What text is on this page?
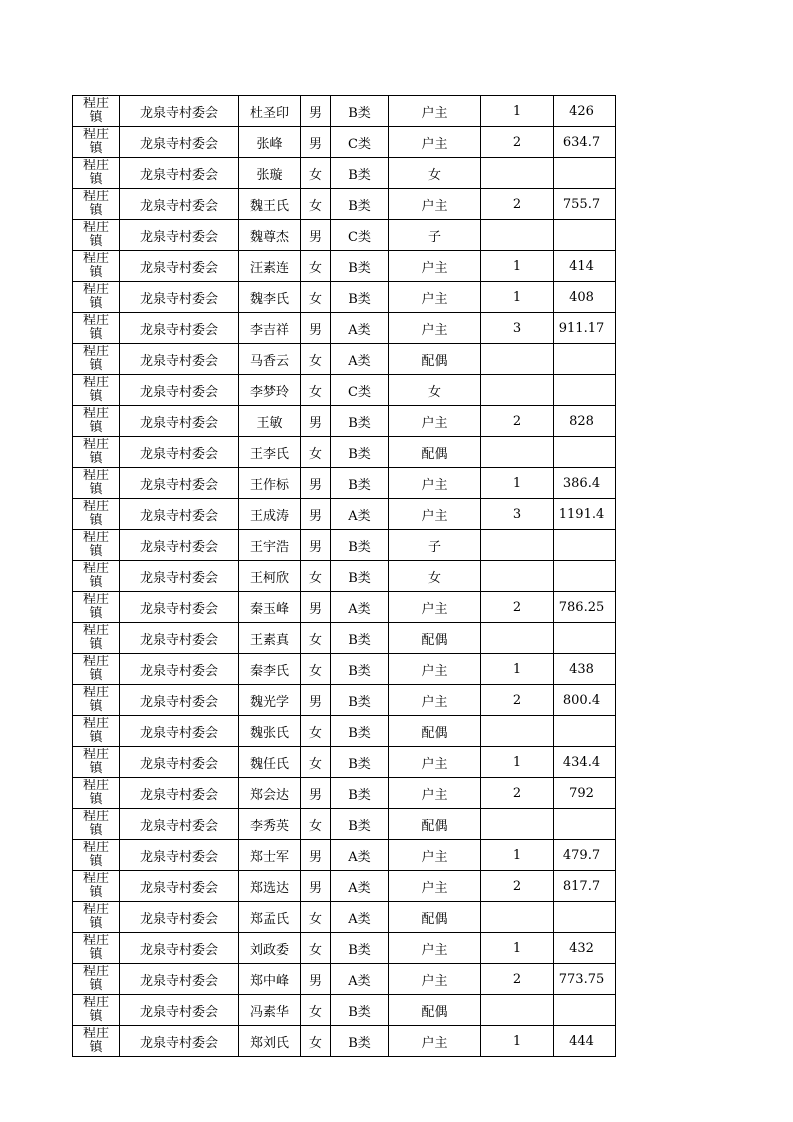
程庄镇	龙泉寺村委会	杜圣印	男	B类	户主	1	426

程庄镇	龙泉寺村委会	张峰	男	C类	户主	2	634.7

程庄镇	龙泉寺村委会	张璇	女	B类	女		

程庄镇	龙泉寺村委会	魏王氏	女	B类	户主	2	755.7

程庄镇	龙泉寺村委会	魏尊杰	男	C类	子		

程庄镇	龙泉寺村委会	汪素连	女	B类	户主	1	414

程庄镇	龙泉寺村委会	魏李氏	女	B类	户主	1	408

程庄镇	龙泉寺村委会	李吉祥	男	A类	户主	3	911.17

程庄镇	龙泉寺村委会	马香云	女	A类	配偶		

程庄镇	龙泉寺村委会	李梦玲	女	C类	女		

程庄镇	龙泉寺村委会	王敏	男	B类	户主	2	828

程庄镇	龙泉寺村委会	王李氏	女	B类	配偶		

程庄镇	龙泉寺村委会	王作标	男	B类	户主	1	386.4

程庄镇	龙泉寺村委会	王成涛	男	A类	户主	3	1191.4

程庄镇	龙泉寺村委会	王宇浩	男	B类	子		

程庄镇	龙泉寺村委会	王柯欣	女	B类	女		

程庄镇	龙泉寺村委会	秦玉峰	男	A类	户主	2	786.25

程庄镇	龙泉寺村委会	王素真	女	B类	配偶		

程庄镇	龙泉寺村委会	秦李氏	女	B类	户主	1	438

程庄镇	龙泉寺村委会	魏光学	男	B类	户主	2	800.4

程庄镇	龙泉寺村委会	魏张氏	女	B类	配偶		

程庄镇	龙泉寺村委会	魏任氏	女	B类	户主	1	434.4

程庄镇	龙泉寺村委会	郑会达	男	B类	户主	2	792

程庄镇	龙泉寺村委会	李秀英	女	B类	配偶		

程庄镇	龙泉寺村委会	郑士军	男	A类	户主	1	479.7

程庄镇	龙泉寺村委会	郑选达	男	A类	户主	2	817.7

程庄镇	龙泉寺村委会	郑孟氏	女	A类	配偶		

程庄镇	龙泉寺村委会	刘政委	女	B类	户主	1	432

程庄镇	龙泉寺村委会	郑中峰	男	A类	户主	2	773.75

程庄镇	龙泉寺村委会	冯素华	女	B类	配偶		

程庄镇	龙泉寺村委会	郑刘氏	女	B类	户主	1	444
